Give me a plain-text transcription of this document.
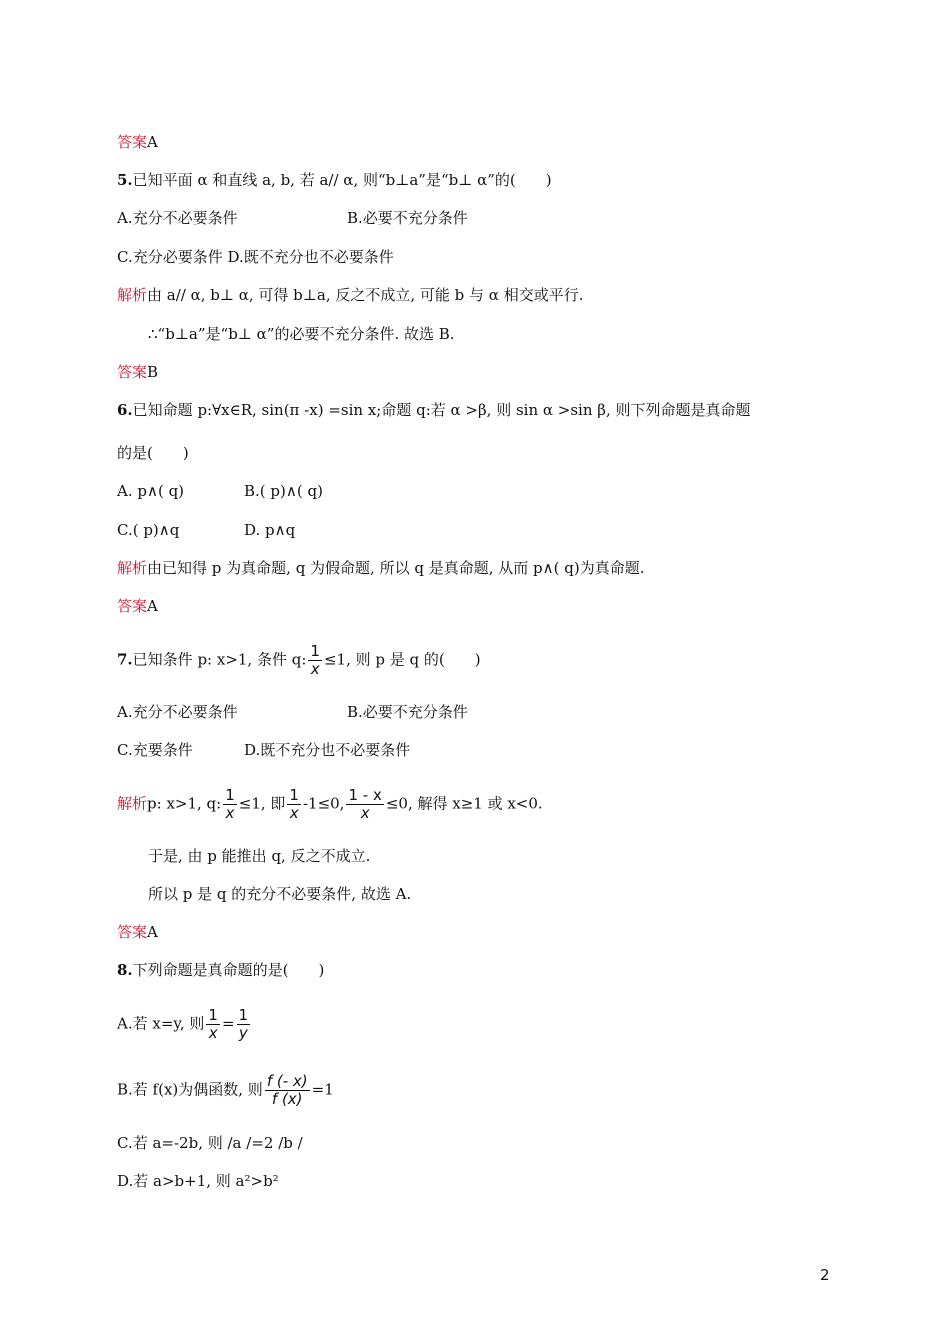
答案A
5.已知平面 α 和直线 a, b, 若 a// α, 则“b⊥a”是“b⊥ α”的(　　)
A.充分不必要条件	B.必要不充分条件
C.充分必要条件 D.既不充分也不必要条件
解析由 a// α, b⊥ α, 可得 b⊥a, 反之不成立, 可能 b 与 α 相交或平行.
∴“b⊥a”是“b⊥ α”的必要不充分条件. 故选 B.
答案B
6.已知命题 p:∀x∈R, sin(π -x) =sin x;命题 q:若 α >β, 则 sin α >sin β, 则下列命题是真命题
的是(　　)
A. p∧( q)	B.( p)∧( q)
C.( p)∧q	D. p∧q
解析由已知得 p 为真命题, q 为假命题, 所以 q 是真命题, 从而 p∧( q)为真命题.
答案A
7.已知条件 p: x>1, 条件 q: $\frac{1}{x} \le 1$, 则 p 是 q 的(　　)
A.充分不必要条件	B.必要不充分条件
C.充要条件	D.既不充分也不必要条件
解析p: x>1, q: $\frac{1}{x} \le 1$, 即 $\frac{1}{x} -1\le 0$, $\frac{1 - x}{x} \le 0$, 解得 x≥1 或 x<0.
于是, 由 p 能推出 q, 反之不成立.
所以 p 是 q 的充分不必要条件, 故选 A.
答案A
8.下列命题是真命题的是(　　)
A.若 x=y, 则 $\frac{1}{x} = \frac{1}{y}$
B.若 f(x)为偶函数, 则 $\frac{f (- x)}{f (x)} =1$
C.若 a=-2b, 则 /a /=2 /b /
D.若 a>b+1, 则 a²>b²
2
